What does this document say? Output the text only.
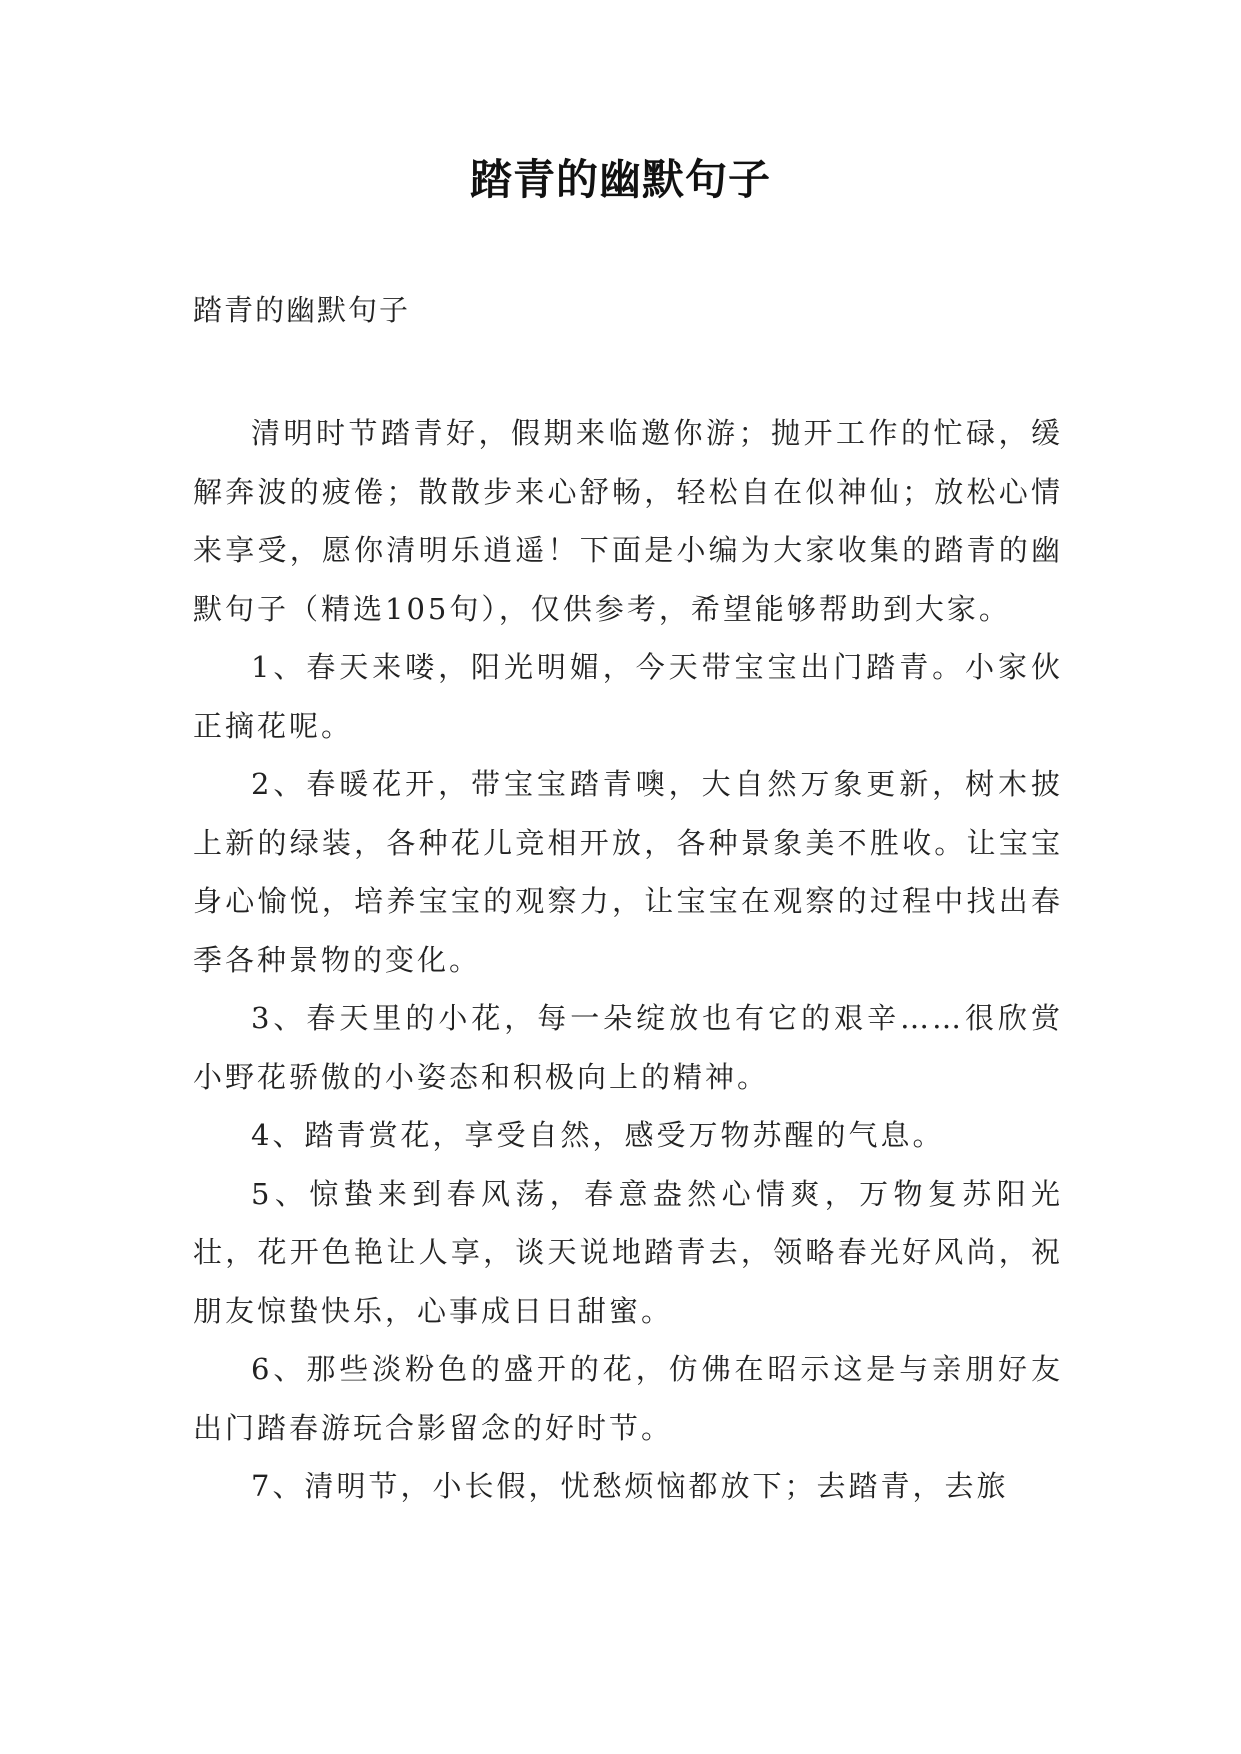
踏青的幽默句子
踏青的幽默句子

清明时节踏青好，假期来临邀你游；抛开工作的忙碌，缓解奔波的疲倦；散散步来心舒畅，轻松自在似神仙；放松心情来享受，愿你清明乐逍遥！下面是小编为大家收集的踏青的幽默句子（精选105句），仅供参考，希望能够帮助到大家。

1、春天来喽，阳光明媚，今天带宝宝出门踏青。小家伙正摘花呢。

2、春暖花开，带宝宝踏青噢，大自然万象更新，树木披上新的绿装，各种花儿竞相开放，各种景象美不胜收。让宝宝身心愉悦，培养宝宝的观察力，让宝宝在观察的过程中找出春季各种景物的变化。

3、春天里的小花，每一朵绽放也有它的艰辛……很欣赏小野花骄傲的小姿态和积极向上的精神。

4、踏青赏花，享受自然，感受万物苏醒的气息。

5、惊蛰来到春风荡，春意盎然心情爽，万物复苏阳光壮，花开色艳让人享，谈天说地踏青去，领略春光好风尚，祝朋友惊蛰快乐，心事成日日甜蜜。

6、那些淡粉色的盛开的花，仿佛在昭示这是与亲朋好友出门踏春游玩合影留念的好时节。

7、清明节，小长假，忧愁烦恼都放下；去踏青，去旅
